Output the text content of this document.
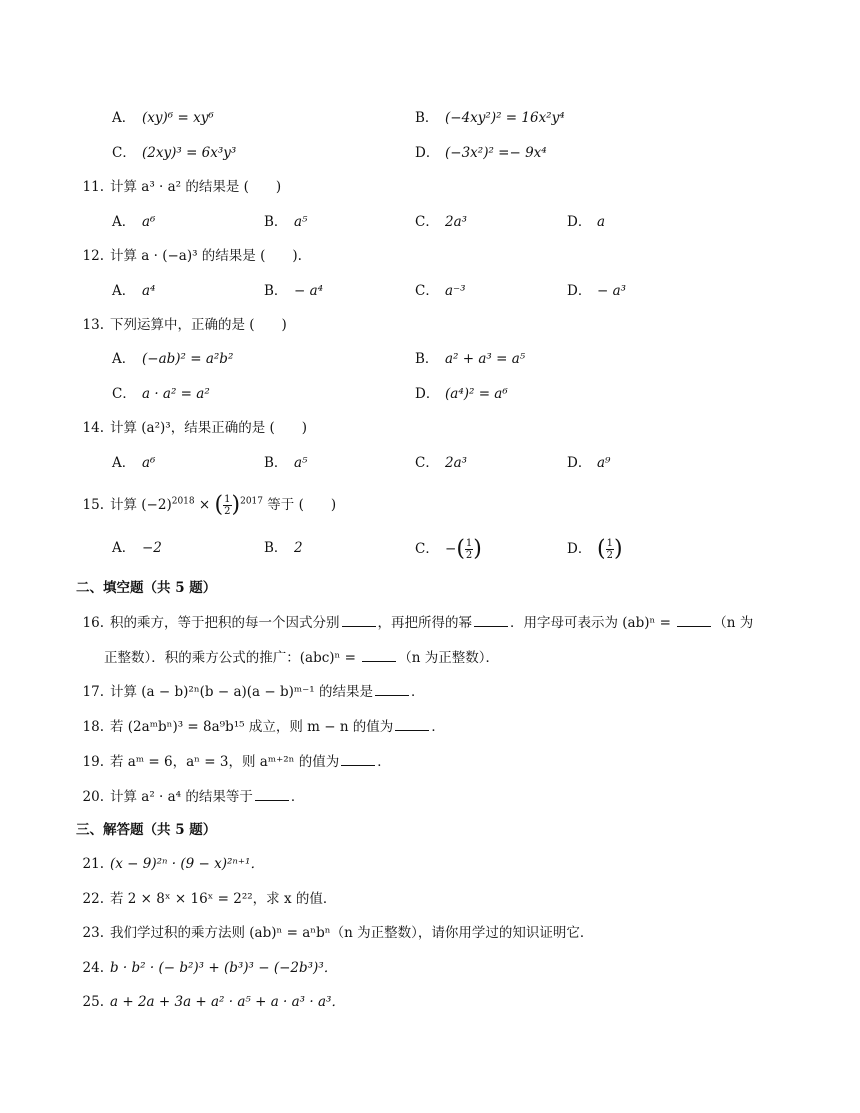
A． (xy)⁶ = xy⁶	B． (−4xy²)² = 16x²y⁴
C． (2xy)³ = 6x³y³	D． (−3x²)² =− 9x⁴
11. 计算 a³ · a² 的结果是 (　　)
A． a⁶	B． a⁵	C． 2a³	D． a
12. 计算 a · (−a)³ 的结果是 (　　).
A． a⁴	B． − a⁴	C． a⁻³	D． − a³
13. 下列运算中，正确的是 (　　)
A． (−ab)² = a²b²	B． a² + a³ = a⁵
C． a · a² = a²	D． (a⁴)² = a⁶
14. 计算 (a²)³，结果正确的是 (　　)
A． a⁶	B． a⁵	C． 2a³	D． a⁹
15. 计算 $(-2)^{2018}$ × ( $\frac{1}{2} )^{2017}$ 等于 (　　)
A． −2	B． 2	C． −( $\frac{1}{2}$ )	D． ( $\frac{1}{2}$ )
二、填空题（共 5 题）
16. 积的乘方，等于把积的每一个因式分别	，再把所得的幂	．用字母可表示为 (ab)ⁿ =	（n 为
正整数）．积的乘方公式的推广：(abc)ⁿ =	（n 为正整数）．
17. 计算 (a − b)²ⁿ(b − a)(a − b)ᵐ⁻¹ 的结果是	．
18. 若 (2aᵐbⁿ)³ = 8a⁹b¹⁵ 成立，则 m − n 的值为	．
19. 若 aᵐ = 6，aⁿ = 3，则 aᵐ⁺²ⁿ 的值为	．
20. 计算 a² · a⁴ 的结果等于	．
三、解答题（共 5 题）
21. (x − 9)²ⁿ · (9 − x)²ⁿ⁺¹．
22. 若 2 × 8ˣ × 16ˣ = 2²²，求 x 的值．
23. 我们学过积的乘方法则 (ab)ⁿ = aⁿbⁿ（n 为正整数），请你用学过的知识证明它．
24. b · b² · (− b²)³ + (b³)³ − (−2b³)³．
25. a + 2a + 3a + a² · a⁵ + a · a³ · a³．
